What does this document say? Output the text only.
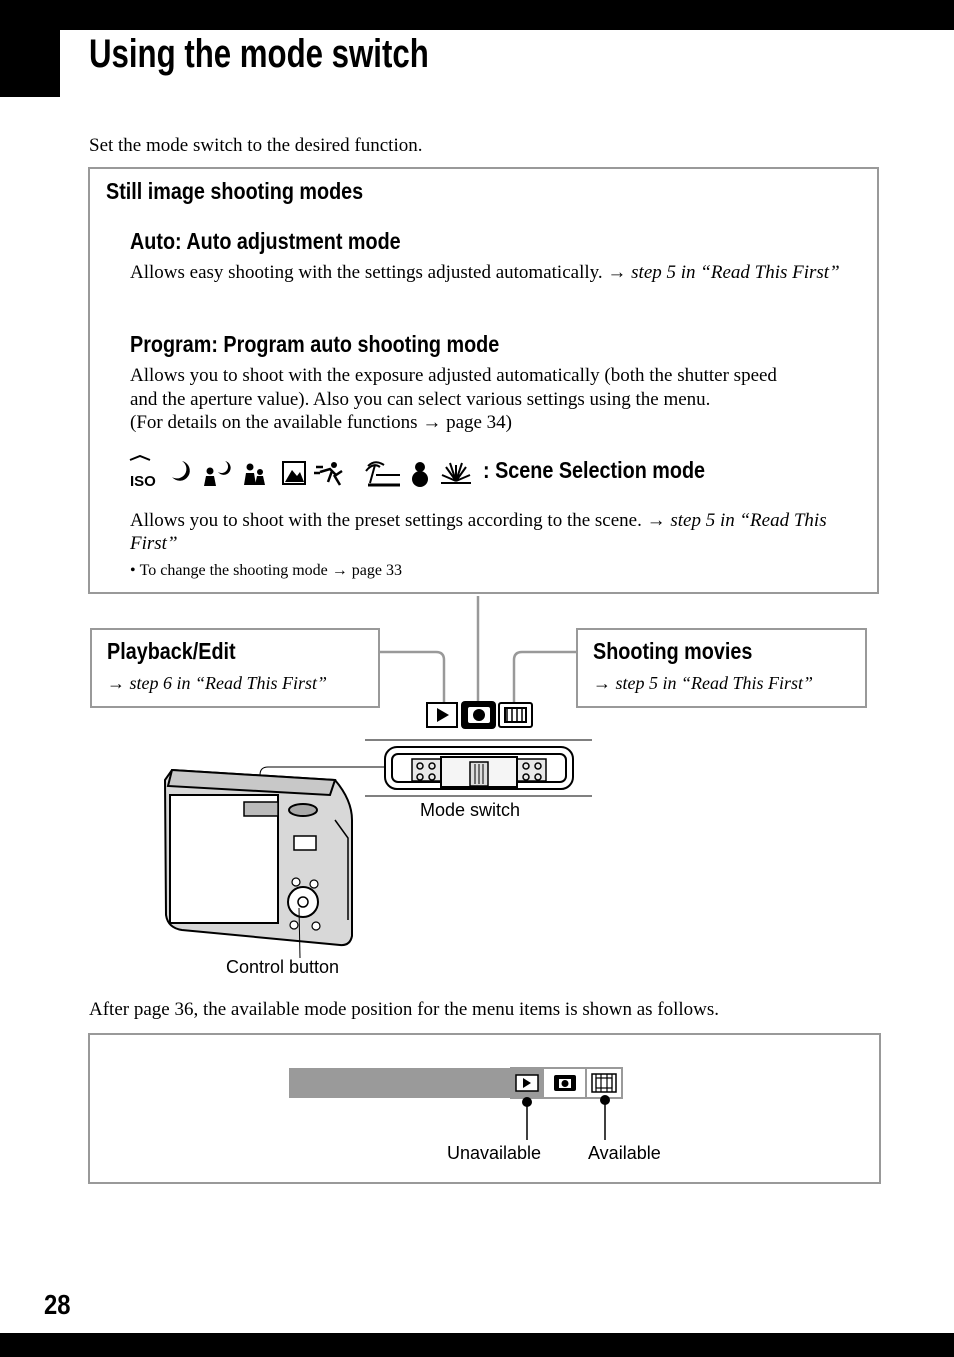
Using the mode switch
Set the mode switch to the desired function.
Still image shooting modes
Auto: Auto adjustment mode
Allows easy shooting with the settings adjusted automatically. → step 5 in “Read This First”
Program: Program auto shooting mode
Allows you to shoot with the exposure adjusted automatically (both the shutter speed
and the aperture value). Also you can select various settings using the menu.
(For details on the available functions → page 34)
ISO	: Scene Selection mode
Allows you to shoot with the preset settings according to the scene. → step 5 in “Read This First”
• To change the shooting mode → page 33
Playback/Edit
→ step 6 in “Read This First”
Shooting movies
→ step 5 in “Read This First”
Mode switch
Control button
After page 36, the available mode position for the menu items is shown as follows.
Unavailable	Available
28
